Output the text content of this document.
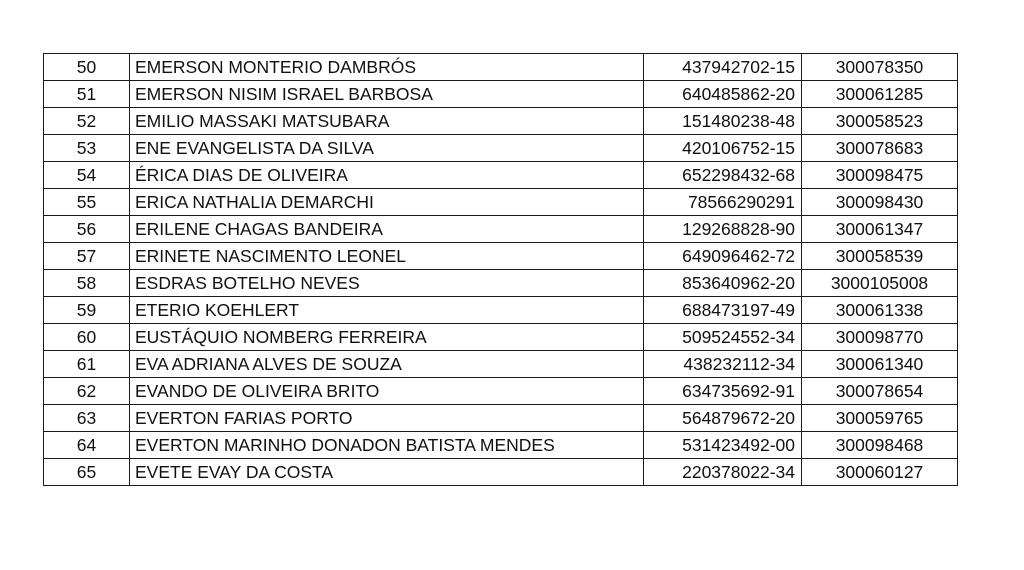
50	EMERSON MONTERIO DAMBRÓS	437942702-15	300078350
51	EMERSON NISIM ISRAEL BARBOSA	640485862-20	300061285
52	EMILIO MASSAKI MATSUBARA	151480238-48	300058523
53	ENE EVANGELISTA DA SILVA	420106752-15	300078683
54	ÉRICA DIAS DE OLIVEIRA	652298432-68	300098475
55	ERICA NATHALIA DEMARCHI	78566290291	300098430
56	ERILENE CHAGAS BANDEIRA	129268828-90	300061347
57	ERINETE NASCIMENTO LEONEL	649096462-72	300058539
58	ESDRAS BOTELHO NEVES	853640962-20	3000105008
59	ETERIO KOEHLERT	688473197-49	300061338
60	EUSTÁQUIO NOMBERG FERREIRA	509524552-34	300098770
61	EVA ADRIANA ALVES DE SOUZA	438232112-34	300061340
62	EVANDO DE OLIVEIRA BRITO	634735692-91	300078654
63	EVERTON FARIAS PORTO	564879672-20	300059765
64	EVERTON MARINHO DONADON BATISTA MENDES	531423492-00	300098468
65	EVETE EVAY DA COSTA	220378022-34	300060127
